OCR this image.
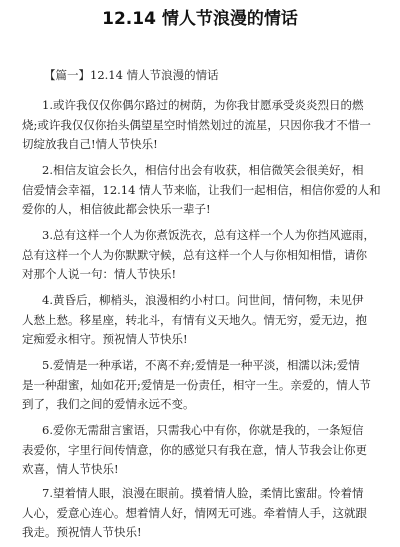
12.14 情人节浪漫的情话

【篇一】12.14 情人节浪漫的情话

1.或许我仅仅你偶尔路过的树荫，为你我甘愿承受炎炎烈日的燃
烧;或许我仅仅你抬头偶望星空时悄然划过的流星，只因你我才不惜一
切绽放我自己!情人节快乐!

2.相信友谊会长久，相信付出会有收获，相信微笑会很美好，相
信爱情会幸福，12.14 情人节来临，让我们一起相信，相信你爱的人和
爱你的人，相信彼此都会快乐一辈子!

3.总有这样一个人为你煮饭洗衣，总有这样一个人为你挡风遮雨，
总有这样一个人为你默默守候，总有这样一个人与你相知相惜，请你
对那个人说一句：情人节快乐!

4.黄昏后，柳梢头，浪漫相约小村口。问世间，情何物，未见伊
人愁上愁。移星座，转北斗，有情有义天地久。情无穷，爱无边，抱
定痴爱永相守。预祝情人节快乐!

5.爱情是一种承诺，不离不弃;爱情是一种平淡，相濡以沫;爱情
是一种甜蜜，灿如花开;爱情是一份责任，相守一生。亲爱的，情人节
到了，我们之间的爱情永远不变。

6.爱你无需甜言蜜语，只需我心中有你，你就是我的，一条短信
表爱你，字里行间传情意，你的感觉只有我在意，情人节我会让你更
欢喜，情人节快乐!

7.望着情人眼，浪漫在眼前。摸着情人脸，柔情比蜜甜。怜着情
人心，爱意心连心。想着情人好，情网无可逃。牵着情人手，这就跟
我走。预祝情人节快乐!
